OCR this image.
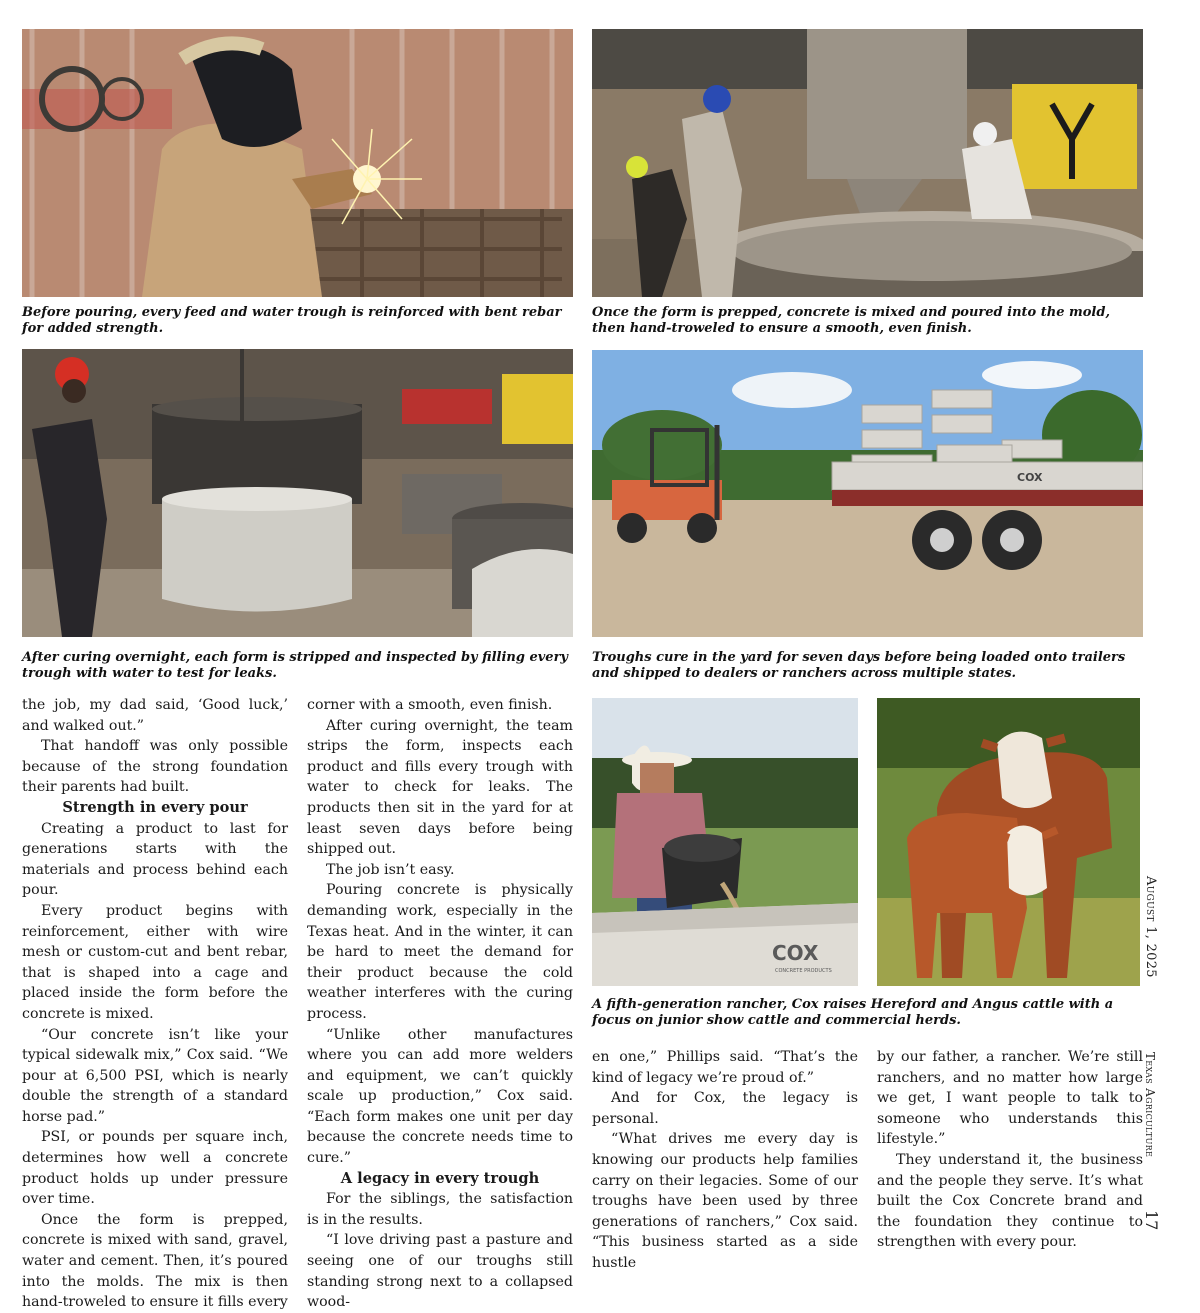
Before pouring, every feed and water trough is reinforced with bent rebar for added strength.

Once the form is prepped, concrete is mixed and poured into the mold, then hand-troweled to ensure a smooth, even finish.

COX

After curing overnight, each form is stripped and inspected by filling every trough with water to test for leaks.

Troughs cure in the yard for seven days before being loaded onto trailers and shipped to dealers or ranchers across multiple states.

COX
CONCRETE PRODUCTS

A fifth-generation rancher, Cox raises Hereford and Angus cattle with a focus on junior show cattle and commercial herds.

the job, my dad said, ‘Good luck,’ and walked out.”

That handoff was only possible because of the strong foundation their parents had built.

Strength in every pour

Creating a product to last for generations starts with the materials and process behind each pour.

Every product begins with reinforcement, either with wire mesh or custom-cut and bent rebar, that is shaped into a cage and placed inside the form before the concrete is mixed.

“Our concrete isn’t like your typical sidewalk mix,” Cox said. “We pour at 6,500 PSI, which is nearly double the strength of a standard horse pad.”

PSI, or pounds per square inch, determines how well a concrete product holds up under pressure over time.

Once the form is prepped, concrete is mixed with sand, gravel, water and cement. Then, it’s poured into the molds. The mix is then hand-troweled to ensure it fills every

corner with a smooth, even finish.

After curing overnight, the team strips the form, inspects each product and fills every trough with water to check for leaks. The products then sit in the yard for at least seven days before being shipped out.

The job isn’t easy.

Pouring concrete is physically demanding work, especially in the Texas heat. And in the winter, it can be hard to meet the demand for their product because the cold weather interferes with the curing process.

“Unlike other manufactures where you can add more welders and equipment, we can’t quickly scale up production,” Cox said. “Each form makes one unit per day because the concrete needs time to cure.”

A legacy in every trough

For the siblings, the satisfaction is in the results.

“I love driving past a pasture and seeing one of our troughs still standing strong next to a collapsed wood-

en one,” Phillips said. “That’s the kind of legacy we’re proud of.”

And for Cox, the legacy is personal.

“What drives me every day is knowing our products help families carry on their legacies. Some of our troughs have been used by three generations of ranchers,” Cox said. “This business started as a side hustle

by our father, a rancher. We’re still ranchers, and no matter how large we get, I want people to talk to someone who understands this lifestyle.”

They understand it, the business and the people they serve. It’s what built the Cox Concrete brand and the foundation they continue to strengthen with every pour.

August 1, 2025
Texas Agriculture
17
